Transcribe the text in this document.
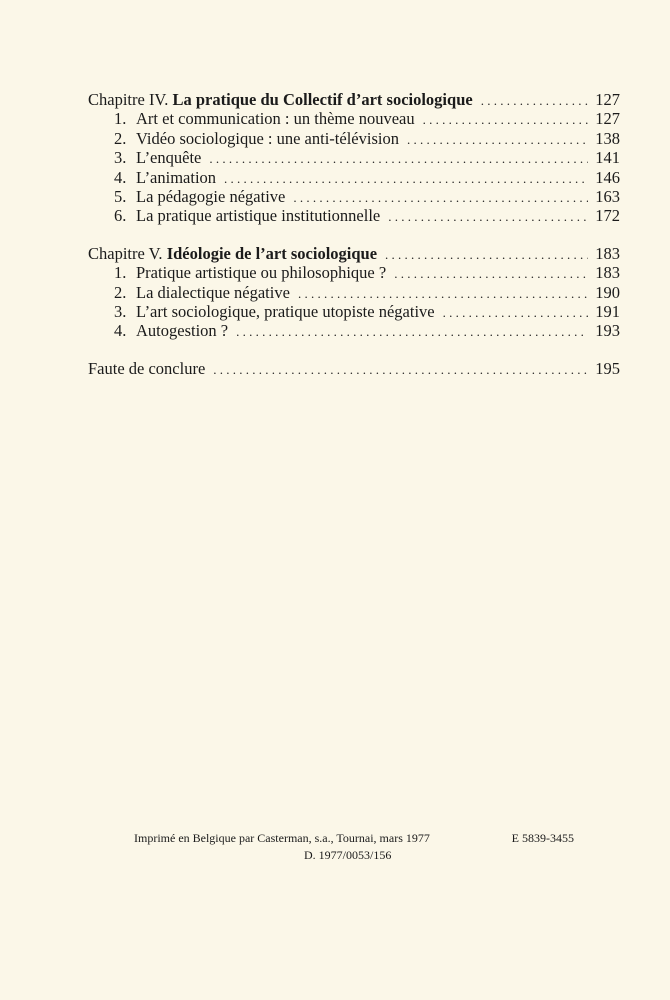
Chapitre IV. La pratique du Collectif d’art sociologique . . .	127
1. Art et communication : un thème nouveau . . .	127
2. Vidéo sociologique : une anti-télévision . . .	138
3. L’enquête . . .	141
4. L’animation . . .	146
5. La pédagogie négative . . .	163
6. La pratique artistique institutionnelle . . .	172
Chapitre V. Idéologie de l’art sociologique . . .	183
1. Pratique artistique ou philosophique ? . . .	183
2. La dialectique négative . . .	190
3. L’art sociologique, pratique utopiste négative . . .	191
4. Autogestion ? . . .	193
Faute de conclure . . .	195
Imprimé en Belgique par Casterman, s.a., Tournai, mars 1977	E 5839-3455
D. 1977/0053/156
